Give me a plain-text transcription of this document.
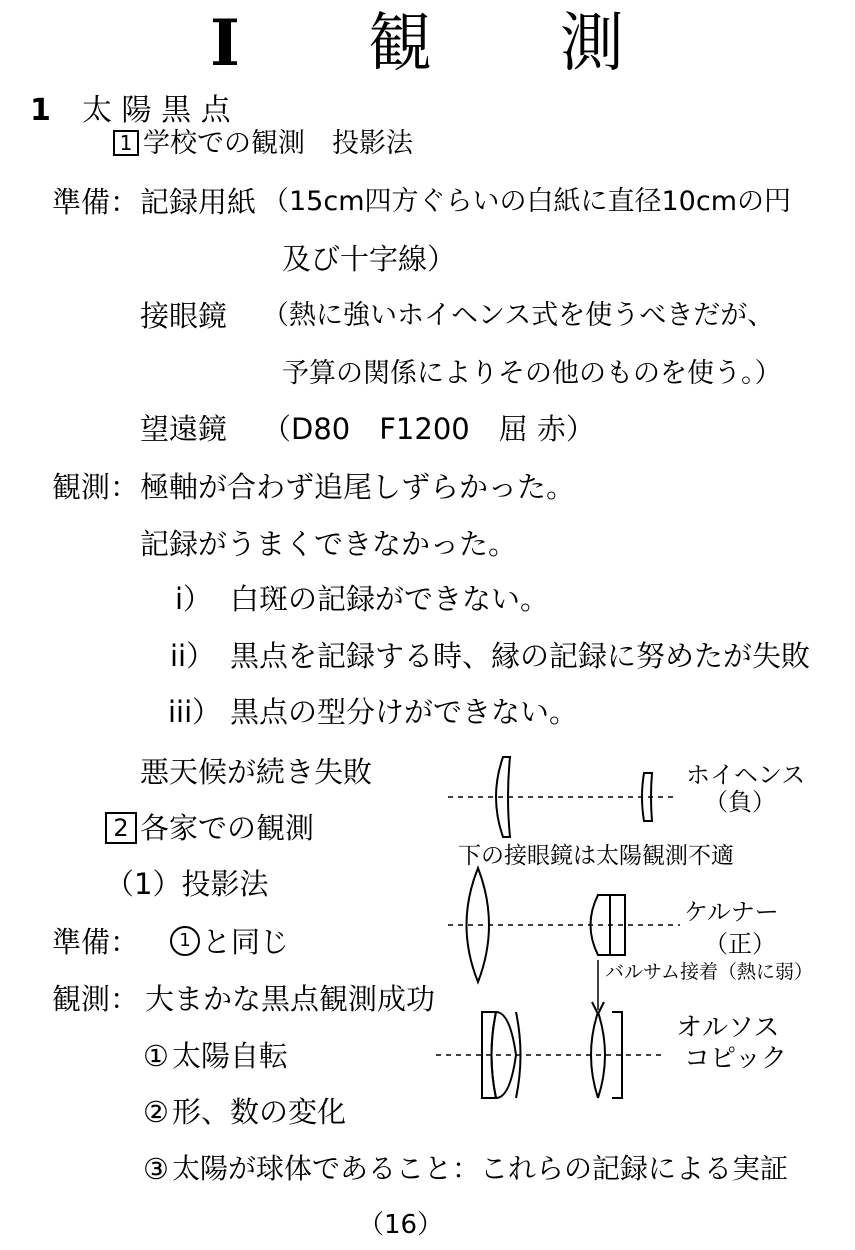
I 観　　測
1 太 陽 黒 点
1 学校での観測　投影法
準備： 記録用紙 （15cm四方ぐらいの白紙に直径10cmの円
及び十字線）
接眼鏡 （熱に強いホイヘンス式を使うべきだが、
予算の関係によりその他のものを使う。）
望遠鏡 （D80　F1200　屈 赤）
観測： 極軸が合わず追尾しずらかった。
記録がうまくできなかった。
i） 白斑の記録ができない。
ii） 黒点を記録する時、縁の記録に努めたが失敗
iii） 黒点の型分けができない。
悪天候が続き失敗
2 各家での観測
（1）投影法
準備：	1 と同じ
観測： 大まかな黒点観測成功
① 太陽自転
② 形、数の変化
③ 太陽が球体であること：これらの記録による実証
（16）
ホイヘンス
（負）
下の接眼鏡は太陽観測不適
ケルナー
（正）
バルサム接着（熱に弱）
オルソス
コピック
